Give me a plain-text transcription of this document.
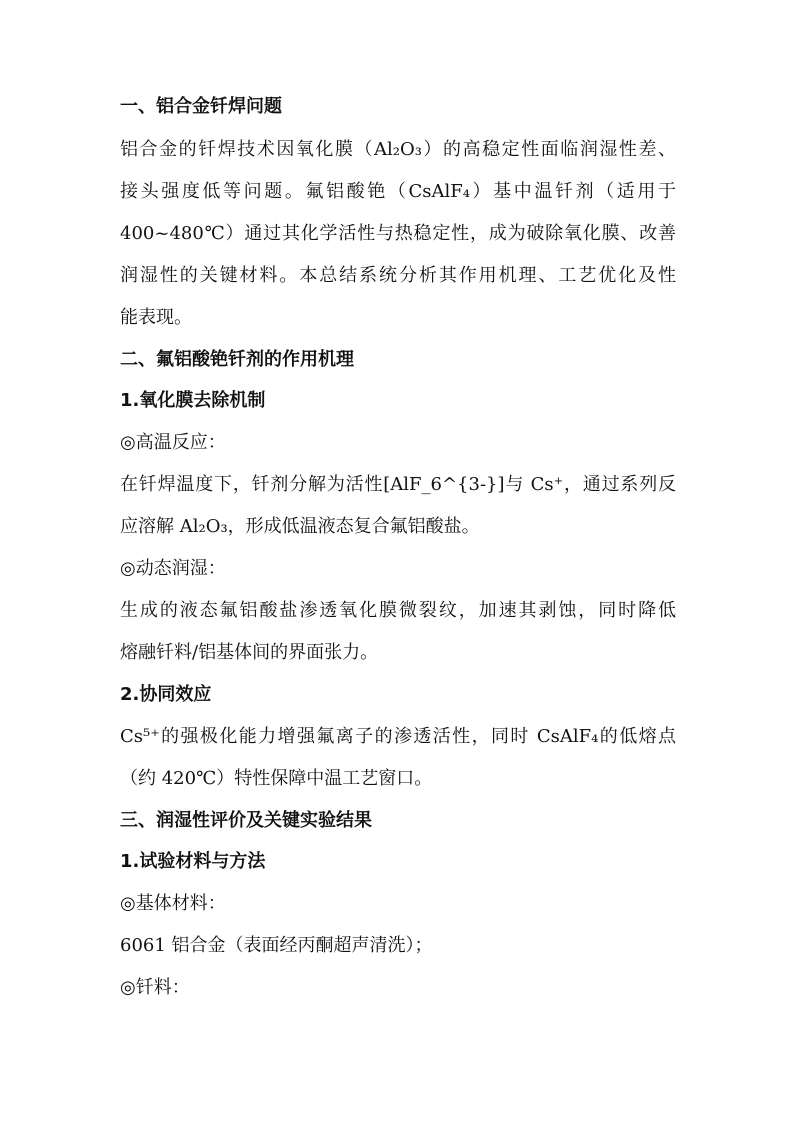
一、铝合金钎焊问题

铝合金的钎焊技术因氧化膜（Al₂O₃）的高稳定性面临润湿性差、

接头强度低等问题。氟铝酸铯（CsAlF₄）基中温钎剂（适用于

400~480℃）通过其化学活性与热稳定性，成为破除氧化膜、改善

润湿性的关键材料。本总结系统分析其作用机理、工艺优化及性

能表现。

二、氟铝酸铯钎剂的作用机理

1.氧化膜去除机制

◎高温反应：

在钎焊温度下，钎剂分解为活性[AlF_6^{3-}]与 Cs⁺，通过系列反

应溶解 Al₂O₃，形成低温液态复合氟铝酸盐。

◎动态润湿：

生成的液态氟铝酸盐渗透氧化膜微裂纹，加速其剥蚀，同时降低

熔融钎料/铝基体间的界面张力。

2.协同效应

Cs⁵⁺的强极化能力增强氟离子的渗透活性，同时 CsAlF₄的低熔点

（约 420℃）特性保障中温工艺窗口。

三、润湿性评价及关键实验结果

1.试验材料与方法

◎基体材料：

6061 铝合金（表面经丙酮超声清洗）；

◎钎料：
